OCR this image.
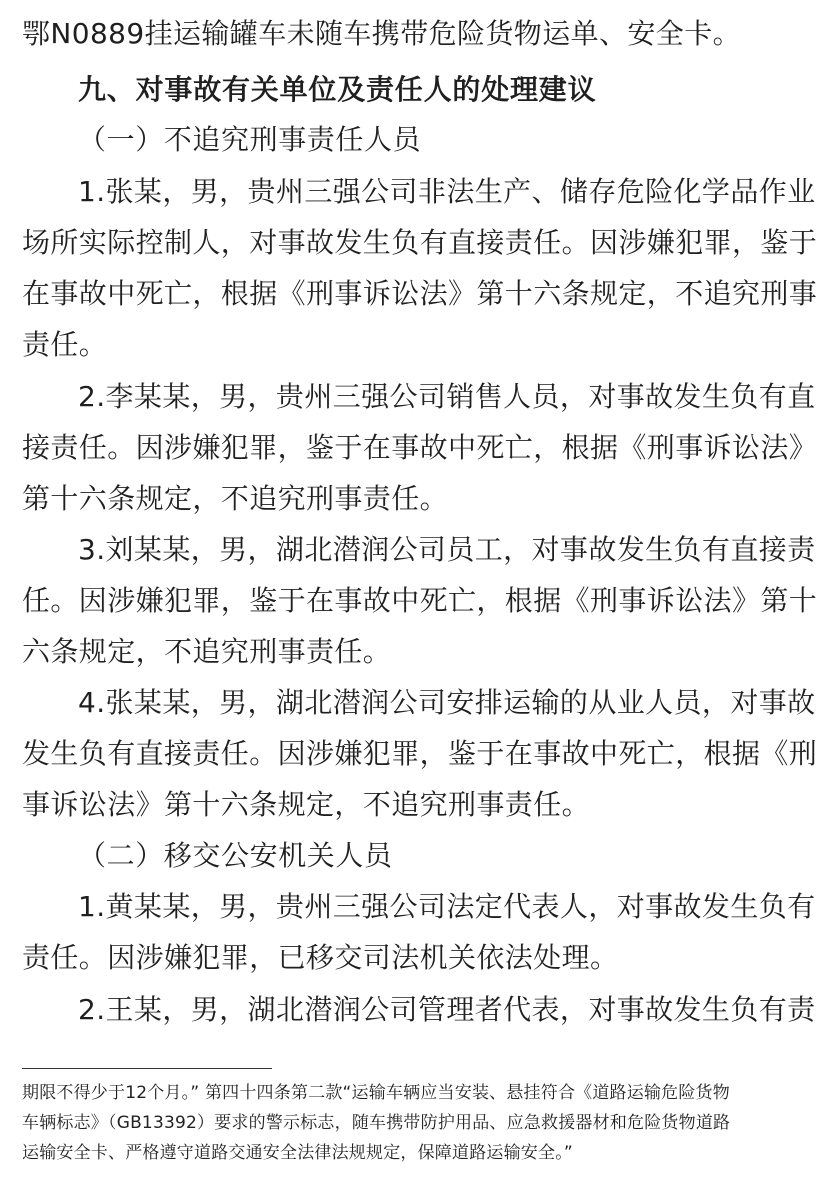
鄂N0889挂运输罐车未随车携带危险货物运单、安全卡。
九、对事故有关单位及责任人的处理建议
（一）不追究刑事责任人员
1.张某，男，贵州三强公司非法生产、储存危险化学品作业
场所实际控制人，对事故发生负有直接责任。因涉嫌犯罪，鉴于
在事故中死亡，根据《刑事诉讼法》第十六条规定，不追究刑事
责任。
2.李某某，男，贵州三强公司销售人员，对事故发生负有直
接责任。因涉嫌犯罪，鉴于在事故中死亡，根据《刑事诉讼法》
第十六条规定，不追究刑事责任。
3.刘某某，男，湖北潜润公司员工，对事故发生负有直接责
任。因涉嫌犯罪，鉴于在事故中死亡，根据《刑事诉讼法》第十
六条规定，不追究刑事责任。
4.张某某，男，湖北潜润公司安排运输的从业人员，对事故
发生负有直接责任。因涉嫌犯罪，鉴于在事故中死亡，根据《刑
事诉讼法》第十六条规定，不追究刑事责任。
（二）移交公安机关人员
1.黄某某，男，贵州三强公司法定代表人，对事故发生负有
责任。因涉嫌犯罪，已移交司法机关依法处理。
2.王某，男，湖北潜润公司管理者代表，对事故发生负有责
期限不得少于12个月。” 第四十四条第二款“运输车辆应当安装、悬挂符合《道路运输危险货物
车辆标志》（GB13392）要求的警示标志，随车携带防护用品、应急救援器材和危险货物道路
运输安全卡、严格遵守道路交通安全法律法规规定，保障道路运输安全。”
